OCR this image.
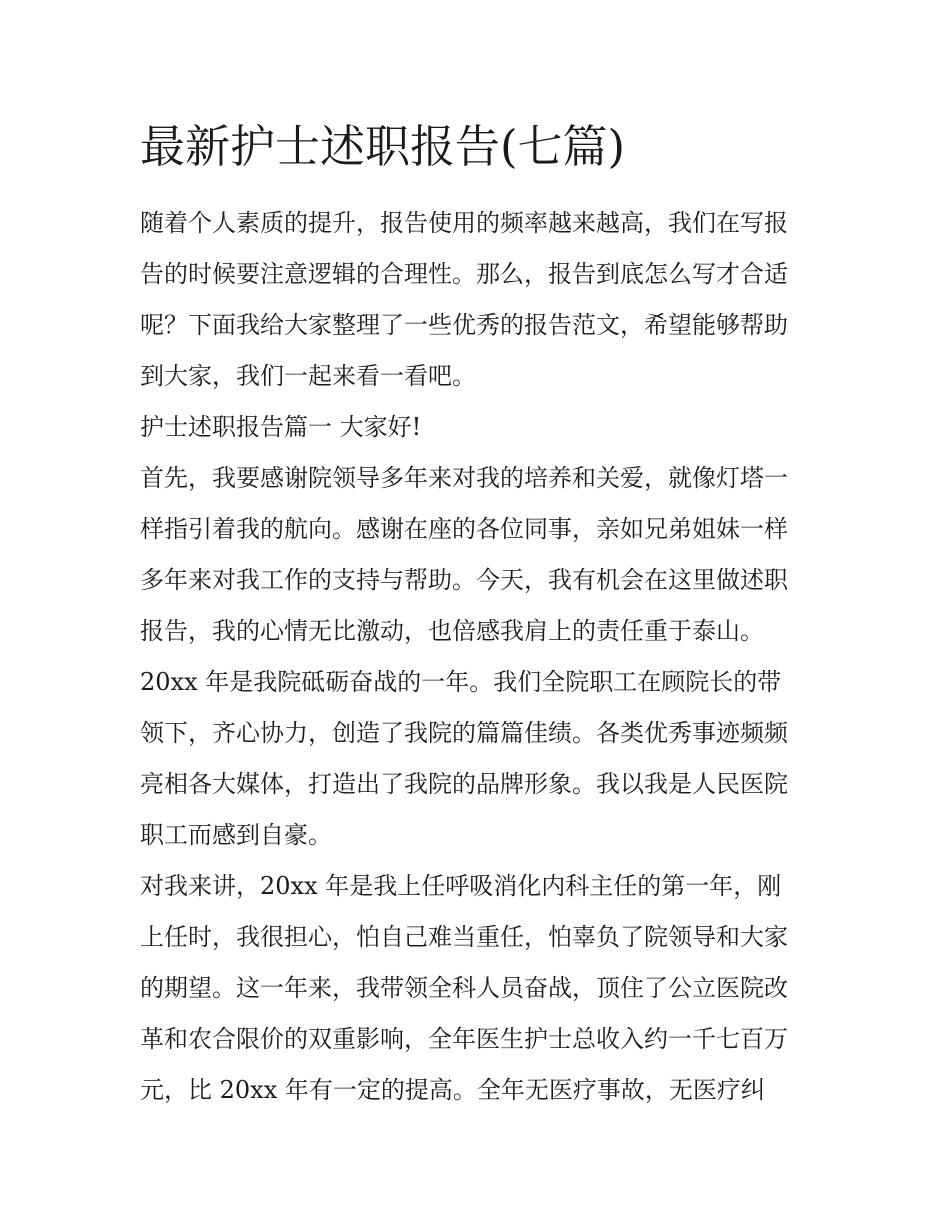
最新护士述职报告(七篇)
随着个人素质的提升，报告使用的频率越来越高，我们在写报
告的时候要注意逻辑的合理性。那么，报告到底怎么写才合适
呢？下面我给大家整理了一些优秀的报告范文，希望能够帮助
到大家，我们一起来看一看吧。
护士述职报告篇一 大家好!
首先，我要感谢院领导多年来对我的培养和关爱，就像灯塔一
样指引着我的航向。感谢在座的各位同事，亲如兄弟姐妹一样
多年来对我工作的支持与帮助。今天，我有机会在这里做述职
报告，我的心情无比激动，也倍感我肩上的责任重于泰山。
20xx 年是我院砥砺奋战的一年。我们全院职工在顾院长的带
领下，齐心协力，创造了我院的篇篇佳绩。各类优秀事迹频频
亮相各大媒体，打造出了我院的品牌形象。我以我是人民医院
职工而感到自豪。
对我来讲，20xx 年是我上任呼吸消化内科主任的第一年，刚
上任时，我很担心，怕自己难当重任，怕辜负了院领导和大家
的期望。这一年来，我带领全科人员奋战，顶住了公立医院改
革和农合限价的双重影响，全年医生护士总收入约一千七百万
元，比 20xx 年有一定的提高。全年无医疗事故，无医疗纠
